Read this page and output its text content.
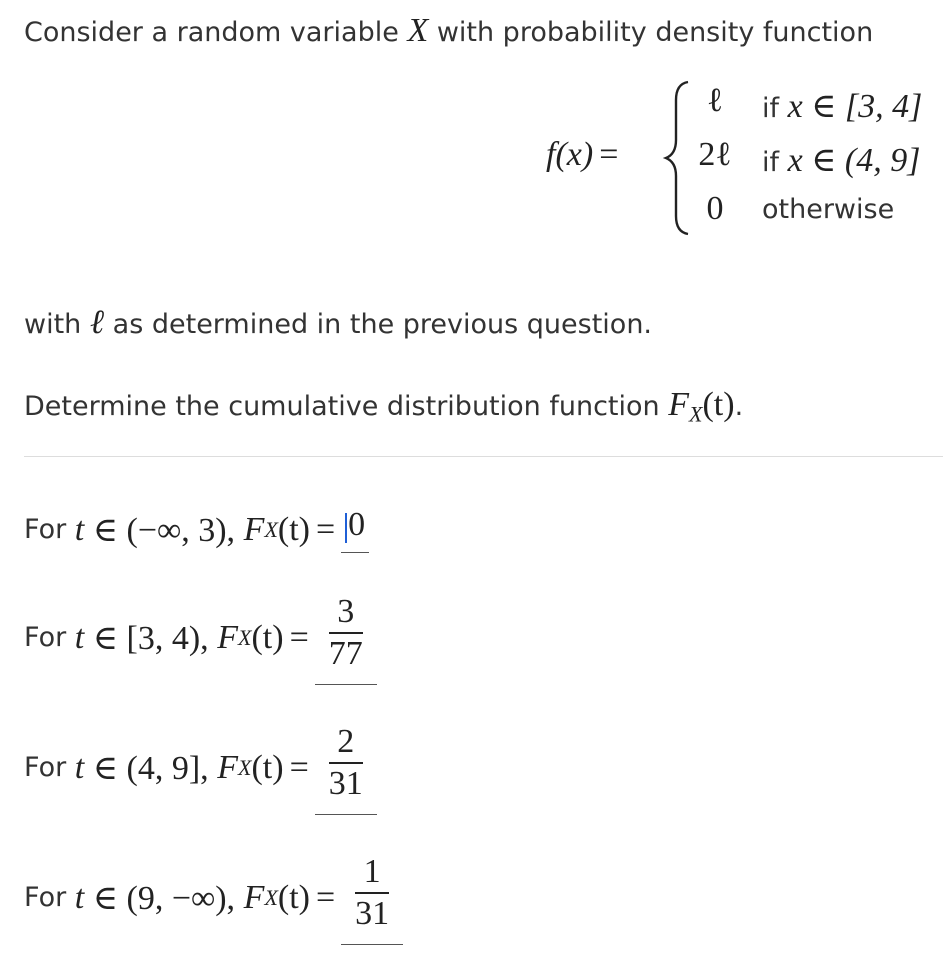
Consider a random variable X with probability density function
f(x) =
ℓ	if x ∈ [3, 4]
2ℓ if x ∈ (4, 9]
0	otherwise
with ℓ as determined in the previous question.
Determine the cumulative distribution function $F_X(t)$.
For
t
∈ (−∞, 3),
F X (t) = 0
For
t
∈ [3, 4),
F X $(t) = \frac{3}{77}$
For
t
∈ (4, 9],
F X $(t) = \frac{2}{31}$
For
t
∈ (9, −∞),
F X $(t) = \frac{1}{31}$
